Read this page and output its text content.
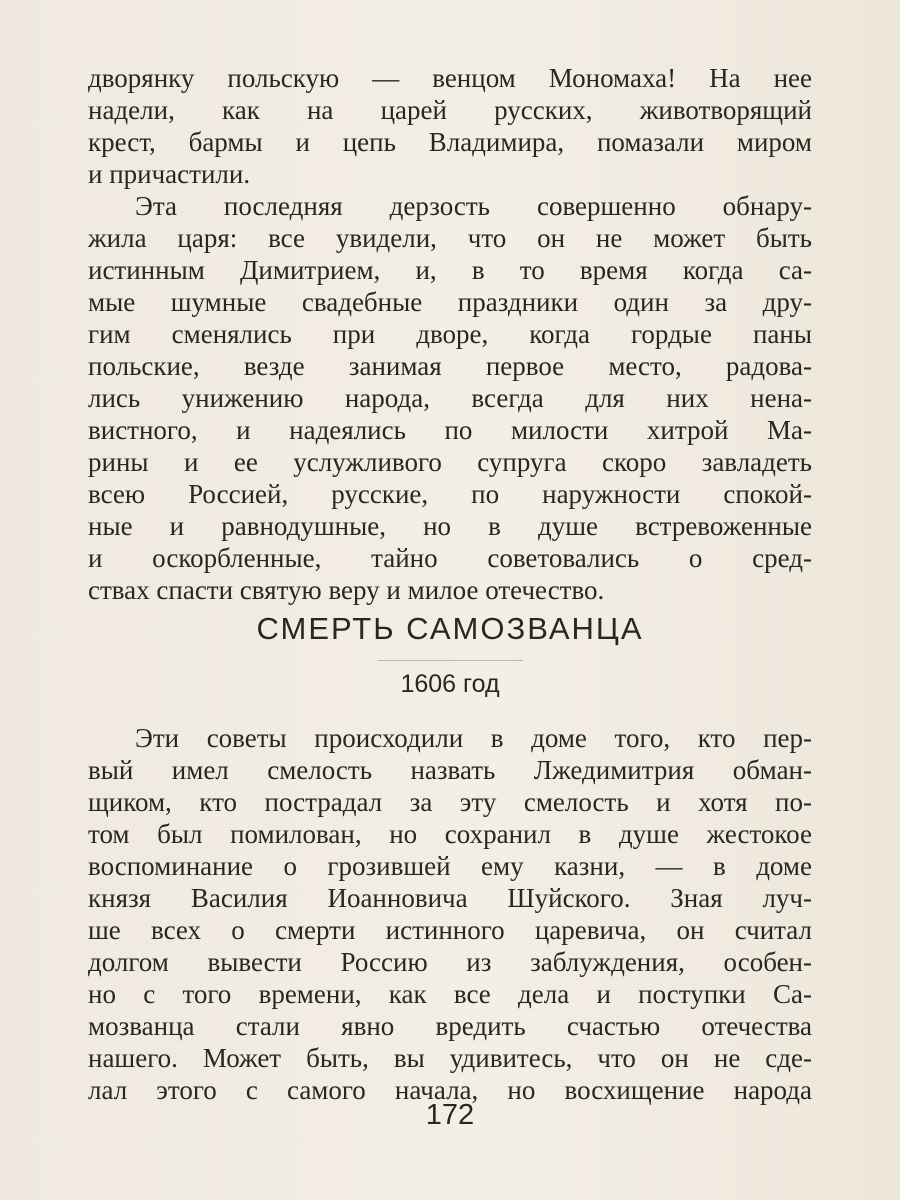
дворянку польскую — венцом Мономаха! На нее
надели, как на царей русских, животворящий
крест, бармы и цепь Владимира, помазали миром
и причастили.
Эта последняя дерзость совершенно обнару-
жила царя: все увидели, что он не может быть
истинным Димитрием, и, в то время когда са-
мые шумные свадебные праздники один за дру-
гим сменялись при дворе, когда гордые паны
польские, везде занимая первое место, радова-
лись унижению народа, всегда для них нена-
вистного, и надеялись по милости хитрой Ма-
рины и ее услужливого супруга скоро завладеть
всею Россией, русские, по наружности спокой-
ные и равнодушные, но в душе встревоженные
и оскорбленные, тайно советовались о сред-
ствах спасти святую веру и милое отечество.
СМЕРТЬ САМОЗВАНЦА
1606 год
Эти советы происходили в доме того, кто пер-
вый имел смелость назвать Лжедимитрия обман-
щиком, кто пострадал за эту смелость и хотя по-
том был помилован, но сохранил в душе жестокое
воспоминание о грозившей ему казни, — в доме
князя Василия Иоанновича Шуйского. Зная луч-
ше всех о смерти истинного царевича, он считал
долгом вывести Россию из заблуждения, особен-
но с того времени, как все дела и поступки Са-
мозванца стали явно вредить счастью отечества
нашего. Может быть, вы удивитесь, что он не сде-
лал этого с самого начала, но восхищение народа
172
